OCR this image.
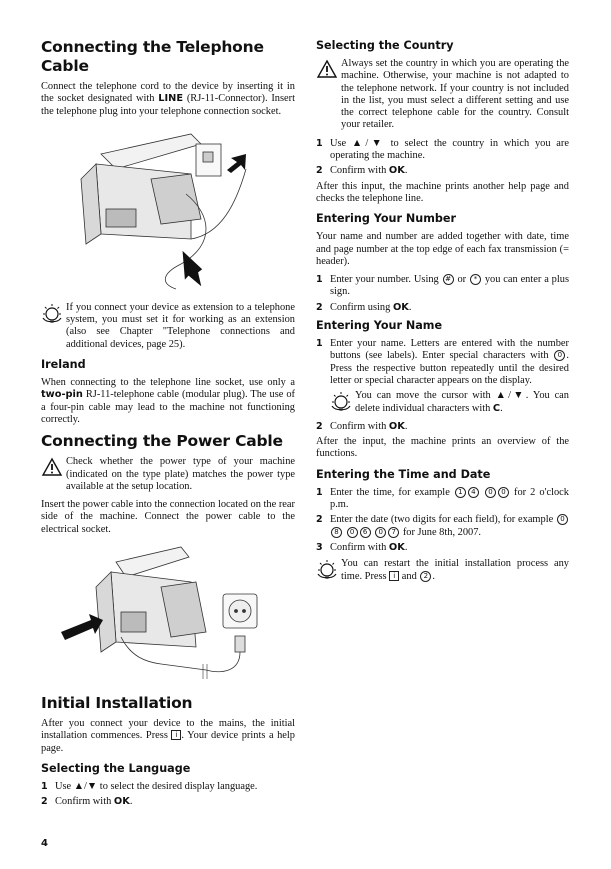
Connecting the Telephone Cable

Connect the telephone cord to the device by inserting it in the socket designated with LINE (RJ-11-Connector). Insert the telephone plug into your telephone connection socket.

If you connect your device as extension to a telephone system, you must set it for working as an extension (also see Chapter "Telephone connections and additional devices, page 25).

Ireland

When connecting to the telephone line socket, use only a two-pin RJ-11-telephone cable (modular plug). The use of a four-pin cable may lead to the machine not functioning correctly.

Connecting the Power Cable

Check whether the power type of your machine (indicated on the type plate) matches the power type available at the setup location.

Insert the power cable into the connection located on the rear side of the machine. Connect the power cable to the electrical socket.

Initial Installation

After you connect your device to the mains, the initial installation commences. Press i . Your device prints a help page.

Selecting the Language
1 Use ▲/▼ to select the desired display language.
2 Confirm with OK.
Selecting the Country

Always set the country in which you are operating the machine. Otherwise, your machine is not adapted to the telephone network. If your country is not included in the list, you must select a different setting and use the correct telephone cable for the country. Consult your retailer.

1 Use ▲/▼ to select the country in which you are operating the machine.
2 Confirm with OK.

After this input, the machine prints another help page and checks the telephone line.

Entering Your Number

Your name and number are added together with date, time and page number at the top edge of each fax transmission (= header).

1 Enter your number. Using # or * you can enter a plus sign.
2 Confirm using OK.
Entering Your Name
1 Enter your name. Letters are entered with the number buttons (see labels). Enter special characters with 0 . Press the respective button repeatedly until the desired letter or special character appears on the display.

You can move the cursor with ▲/▼. You can delete individual characters with C.

2 Confirm with OK.

After the input, the machine prints an overview of the functions.

Entering the Time and Date
1 Enter the time, for example 1 4 0 0 for 2 o'clock p.m.
2 Enter the date (two digits for each field), for example 08 0 6 0 7 for June 8th, 2007.
3 Confirm with OK.

You can restart the initial installation process any time. Press i and 2 .

4
